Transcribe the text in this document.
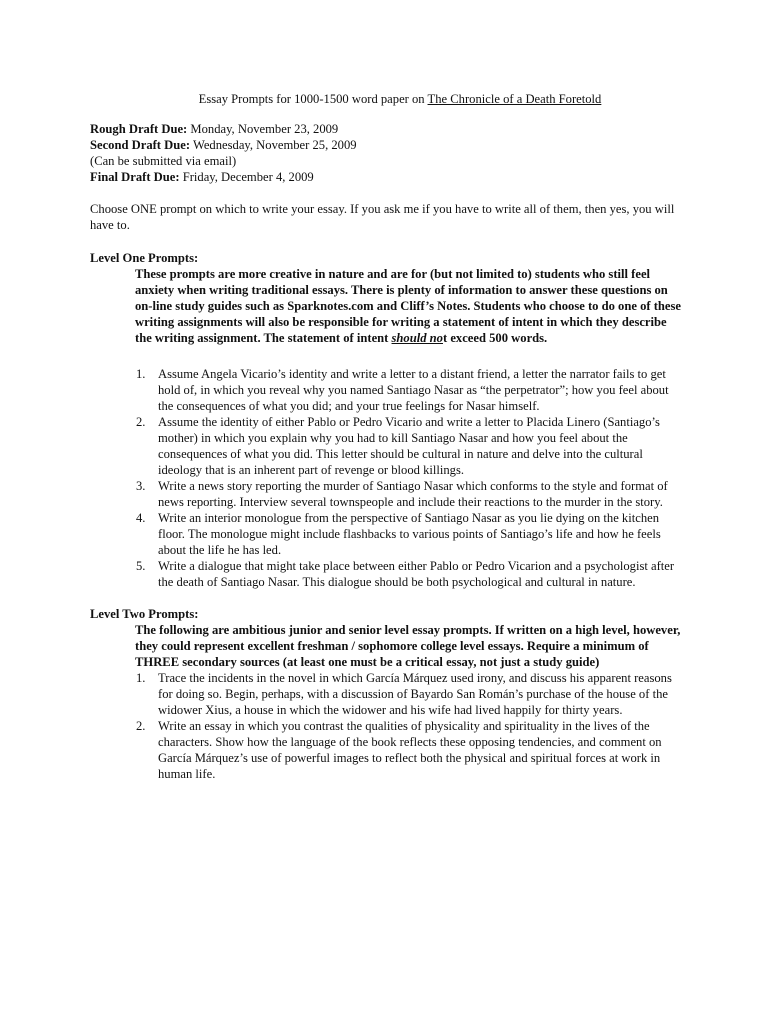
Essay Prompts for 1000-1500 word paper on The Chronicle of a Death Foretold

Rough Draft Due: Monday, November 23, 2009
Second Draft Due: Wednesday, November 25, 2009
(Can be submitted via email)
Final Draft Due: Friday, December 4, 2009
Choose ONE prompt on which to write your essay. If you ask me if you have to write all of them, then yes, you will have to.
Level One Prompts:
These prompts are more creative in nature and are for (but not limited to) students who still feel anxiety when writing traditional essays. There is plenty of information to answer these questions on on-line study guides such as Sparknotes.com and Cliff’s Notes. Students who choose to do one of these writing assignments will also be responsible for writing a statement of intent in which they describe the writing assignment. The statement of intent should not exceed 500 words.
1. Assume Angela Vicario’s identity and write a letter to a distant friend, a letter the narrator fails to get hold of, in which you reveal why you named Santiago Nasar as “the perpetrator”; how you feel about the consequences of what you did; and your true feelings for Nasar himself.
2. Assume the identity of either Pablo or Pedro Vicario and write a letter to Placida Linero (Santiago’s mother) in which you explain why you had to kill Santiago Nasar and how you feel about the consequences of what you did. This letter should be cultural in nature and delve into the cultural ideology that is an inherent part of revenge or blood killings.
3. Write a news story reporting the murder of Santiago Nasar which conforms to the style and format of news reporting. Interview several townspeople and include their reactions to the murder in the story.
4. Write an interior monologue from the perspective of Santiago Nasar as you lie dying on the kitchen floor. The monologue might include flashbacks to various points of Santiago’s life and how he feels about the life he has led.
5. Write a dialogue that might take place between either Pablo or Pedro Vicarion and a psychologist after the death of Santiago Nasar. This dialogue should be both psychological and cultural in nature.
Level Two Prompts:
The following are ambitious junior and senior level essay prompts. If written on a high level, however, they could represent excellent freshman / sophomore college level essays. Require a minimum of THREE secondary sources (at least one must be a critical essay, not just a study guide)
1. Trace the incidents in the novel in which García Márquez used irony, and discuss his apparent reasons for doing so. Begin, perhaps, with a discussion of Bayardo San Román’s purchase of the house of the widower Xius, a house in which the widower and his wife had lived happily for thirty years.
2. Write an essay in which you contrast the qualities of physicality and spirituality in the lives of the characters. Show how the language of the book reflects these opposing tendencies, and comment on García Márquez’s use of powerful images to reflect both the physical and spiritual forces at work in human life.
